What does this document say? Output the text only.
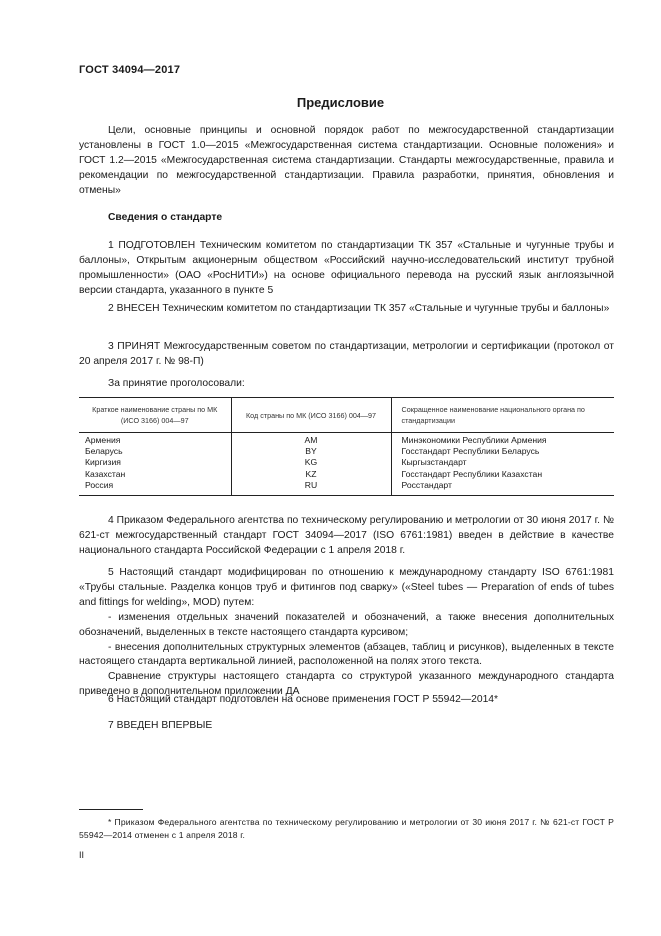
ГОСТ 34094—2017
Предисловие

Цели, основные принципы и основной порядок работ по межгосударственной стандартизации установлены в ГОСТ 1.0—2015 «Межгосударственная система стандартизации. Основные положения» и ГОСТ 1.2—2015 «Межгосударственная система стандартизации. Стандарты межгосударственные, правила и рекомендации по межгосударственной стандартизации. Правила разработки, принятия, обновления и отмены»

Сведения о стандарте

1 ПОДГОТОВЛЕН Техническим комитетом по стандартизации ТК 357 «Стальные и чугунные трубы и баллоны», Открытым акционерным обществом «Российский научно-исследовательский институт трубной промышленности» (ОАО «РосНИТИ») на основе официального перевода на русский язык англоязычной версии стандарта, указанного в пункте 5

2 ВНЕСЕН Техническим комитетом по стандартизации ТК 357 «Стальные и чугунные трубы и баллоны»

3 ПРИНЯТ Межгосударственным советом по стандартизации, метрологии и сертификации (протокол от 20 апреля 2017 г. № 98-П)

За принятие проголосовали:

Краткое наименование страны по МК (ИСО 3166) 004—97	Код страны по МК (ИСО 3166) 004—97	Сокращенное наименование национального органа по стандартизации
Армения	AM	Минэкономики Республики Армения
Беларусь	BY	Госстандарт Республики Беларусь
Киргизия	KG	Кыргызстандарт
Казахстан	KZ	Госстандарт Республики Казахстан
Россия	RU	Росстандарт

4 Приказом Федерального агентства по техническому регулированию и метрологии от 30 июня 2017 г. № 621-ст межгосударственный стандарт ГОСТ 34094—2017 (ISO 6761:1981) введен в действие в качестве национального стандарта Российской Федерации с 1 апреля 2018 г.

5 Настоящий стандарт модифицирован по отношению к международному стандарту ISO 6761:1981 «Трубы стальные. Разделка концов труб и фитингов под сварку» («Steel tubes — Preparation of ends of tubes and fittings for welding», MOD) путем:

- изменения отдельных значений показателей и обозначений, а также внесения дополнительных обозначений, выделенных в тексте настоящего стандарта курсивом;

- внесения дополнительных структурных элементов (абзацев, таблиц и рисунков), выделенных в тексте настоящего стандарта вертикальной линией, расположенной на полях этого текста.

Сравнение структуры настоящего стандарта со структурой указанного международного стандарта приведено в дополнительном приложении ДА

6 Настоящий стандарт подготовлен на основе применения ГОСТ Р 55942—2014*

7 ВВЕДЕН ВПЕРВЫЕ

* Приказом Федерального агентства по техническому регулированию и метрологии от 30 июня 2017 г. № 621-ст ГОСТ Р 55942—2014 отменен с 1 апреля 2018 г.

II
